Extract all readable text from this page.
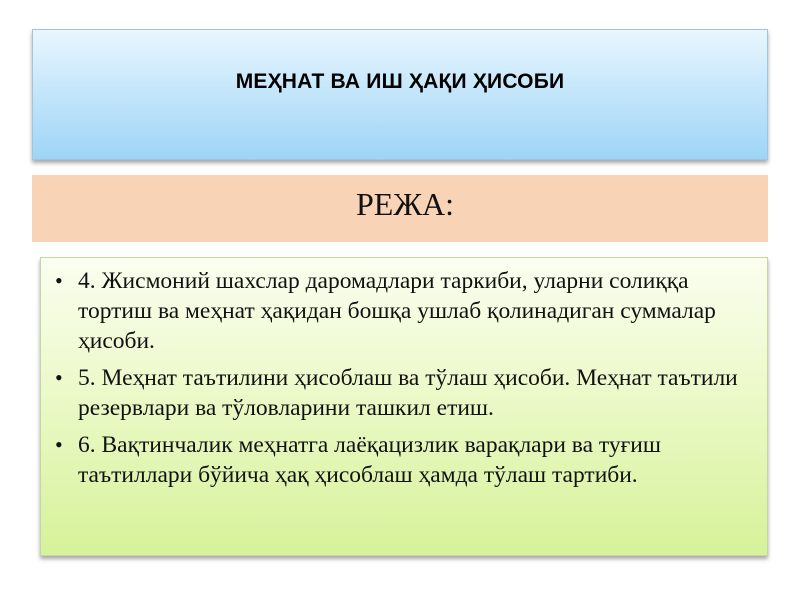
МЕҲНАТ ВА ИШ ҲАҚИ ҲИСОБИ
РЕЖА:
• 4. Жисмоний шахслар даромадлари таркиби, уларни солиққа тортиш ва меҳнат ҳақидан бошқа ушлаб қолинадиган суммалар ҳисоби.
• 5. Меҳнат таътилини ҳисоблаш ва тўлаш ҳисоби. Меҳнат таътили резервлари ва тўловларини ташкил етиш.
• 6. Вақтинчалик меҳнатга лаёқацизлик варақлари ва туғиш таътиллари бўйича ҳақ ҳисоблаш ҳамда тўлаш тартиби.
